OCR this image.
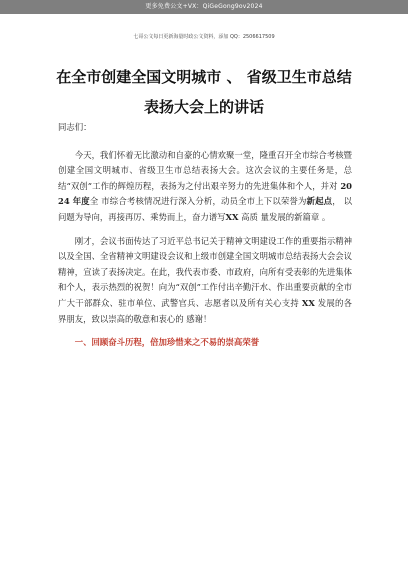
更多免费公文+VX：QiGeGong9ov2024
七哥公文每日更新海量时政公文资料，添加 QQ：2506617509
在全市创建全国文明城市 、 省级卫生市总结
表扬大会上的讲话

同志们：

今天，我们怀着无比激动和自豪的心情欢聚一堂，隆重召开全市综合考核暨创建全国文明城市、省级卫生市总结表扬大会。这次会议的主要任务是，总结“双创”工作的辉煌历程，表扬为之付出艰辛努力的先进集体和个人，并对 2024 年度全 市综合考核情况进行深入分析，动员全市上下以荣誉为新起点， 以问题为导向，再接再厉、乘势而上，奋力谱写XX 高质 量发展的新篇章 。

刚才，会议书面传达了习近平总书记关于精神文明建设工作的重要指示精神以及全国、全省精神文明建设会议和上级市创建全国文明城市总结表扬大会会议精神，宣读了表扬决定。在此，我代表市委、市政府，向所有受表彰的先进集体和个人，表示热烈的祝贺！向为“双创”工作付出辛勤汗水、作出重要贡献的全市广大干部群众、驻市单位、武警官兵、志愿者以及所有关心支持 XX 发展的各界朋友，致以崇高的敬意和衷心的 感谢！

一、回顾奋斗历程，倍加珍惜来之不易的崇高荣誉
